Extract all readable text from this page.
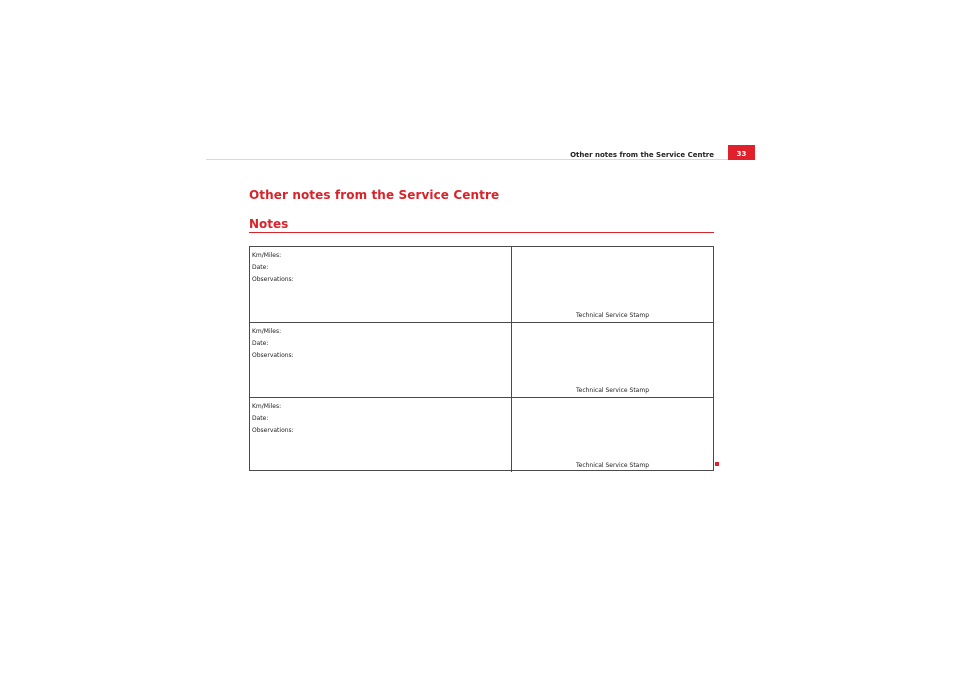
Other notes from the Service Centre	33
Other notes from the Service Centre
Notes
Km/Miles:
Date:
Observations:
Technical Service Stamp
Km/Miles:
Date:
Observations:
Technical Service Stamp
Km/Miles:
Date:
Observations:
Technical Service Stamp
